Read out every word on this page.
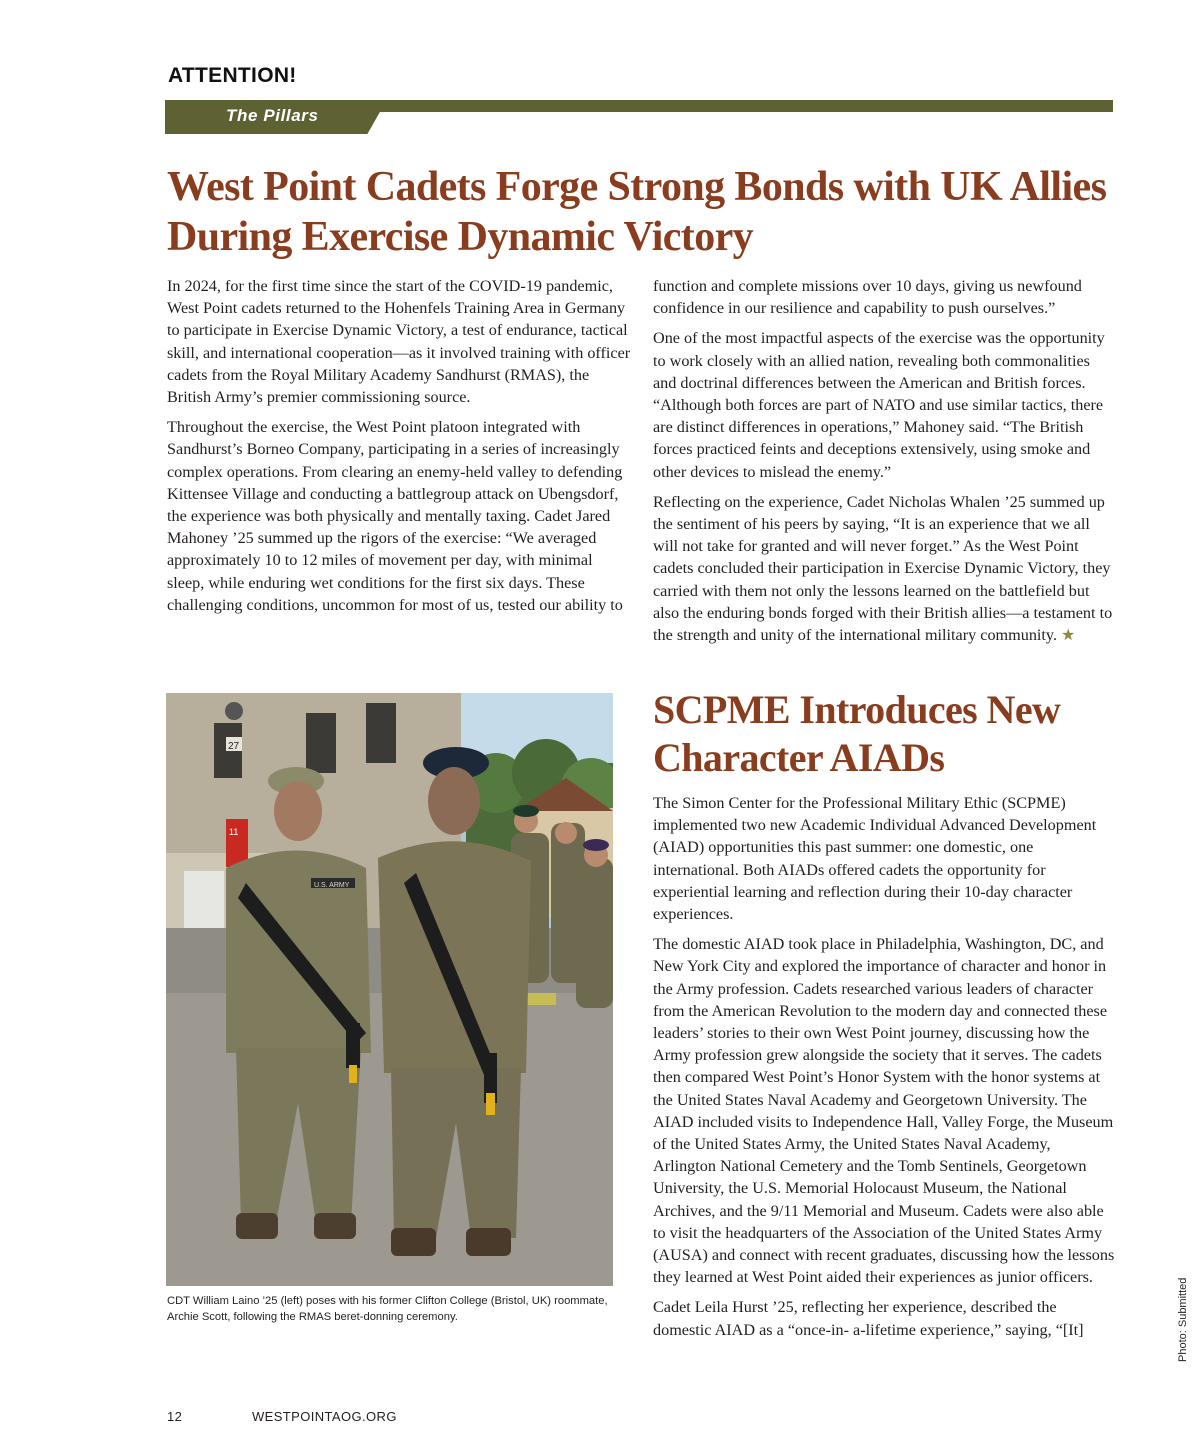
ATTENTION!
The Pillars
West Point Cadets Forge Strong Bonds with UK Allies During Exercise Dynamic Victory

In 2024, for the first time since the start of the COVID-19 pandemic, West Point cadets returned to the Hohenfels Training Area in Germany to participate in Exercise Dynamic Victory, a test of endurance, tactical skill, and international cooperation—as it involved training with officer cadets from the Royal Military Academy Sandhurst (RMAS), the British Army’s premier commissioning source.

Throughout the exercise, the West Point platoon integrated with Sandhurst’s Borneo Company, participating in a series of increasingly complex operations. From clearing an enemy-held valley to defending Kittensee Village and conducting a battlegroup attack on Ubengsdorf, the experience was both physically and mentally taxing. Cadet Jared Mahoney ’25 summed up the rigors of the exercise: “We averaged approximately 10 to 12 miles of movement per day, with minimal sleep, while enduring wet conditions for the first six days. These challenging conditions, uncommon for most of us, tested our ability to

function and complete missions over 10 days, giving us newfound confidence in our resilience and capability to push ourselves.”

One of the most impactful aspects of the exercise was the opportunity to work closely with an allied nation, revealing both commonalities and doctrinal differences between the American and British forces. “Although both forces are part of NATO and use similar tactics, there are distinct differences in operations,” Mahoney said. “The British forces practiced feints and deceptions extensively, using smoke and other devices to mislead the enemy.”

Reflecting on the experience, Cadet Nicholas Whalen ’25 summed up the sentiment of his peers by saying, “It is an experience that we all will not take for granted and will never forget.” As the West Point cadets concluded their participation in Exercise Dynamic Victory, they carried with them not only the lessons learned on the battlefield but also the enduring bonds forged with their British allies—a testament to the strength and unity of the international military community. ★

27
11
U.S. ARMY
CDT William Laino ’25 (left) poses with his former Clifton College (Bristol, UK) roommate, Archie Scott, following the RMAS beret-donning ceremony.
SCPME Introduces New Character AIADs

The Simon Center for the Professional Military Ethic (SCPME) implemented two new Academic Individual Advanced Development (AIAD) opportunities this past summer: one domestic, one international. Both AIADs offered cadets the opportunity for experiential learning and reflection during their 10-day character experiences.

The domestic AIAD took place in Philadelphia, Washington, DC, and New York City and explored the importance of character and honor in the Army profession. Cadets researched various leaders of character from the American Revolution to the modern day and connected these leaders’ stories to their own West Point journey, discussing how the Army profession grew alongside the society that it serves. The cadets then compared West Point’s Honor System with the honor systems at the United States Naval Academy and Georgetown University. The AIAD included visits to Independence Hall, Valley Forge, the Museum of the United States Army, the United States Naval Academy, Arlington National Cemetery and the Tomb Sentinels, Georgetown University, the U.S. Memorial Holocaust Museum, the National Archives, and the 9/11 Memorial and Museum. Cadets were also able to visit the headquarters of the Association of the United States Army (AUSA) and connect with recent graduates, discussing how the lessons they learned at West Point aided their experiences as junior officers.

Cadet Leila Hurst ’25, reflecting her experience, described the domestic AIAD as a “once-in- a-lifetime experience,” saying, “[It]	Photo: Submitted
12	WESTPOINTAOG.ORG
